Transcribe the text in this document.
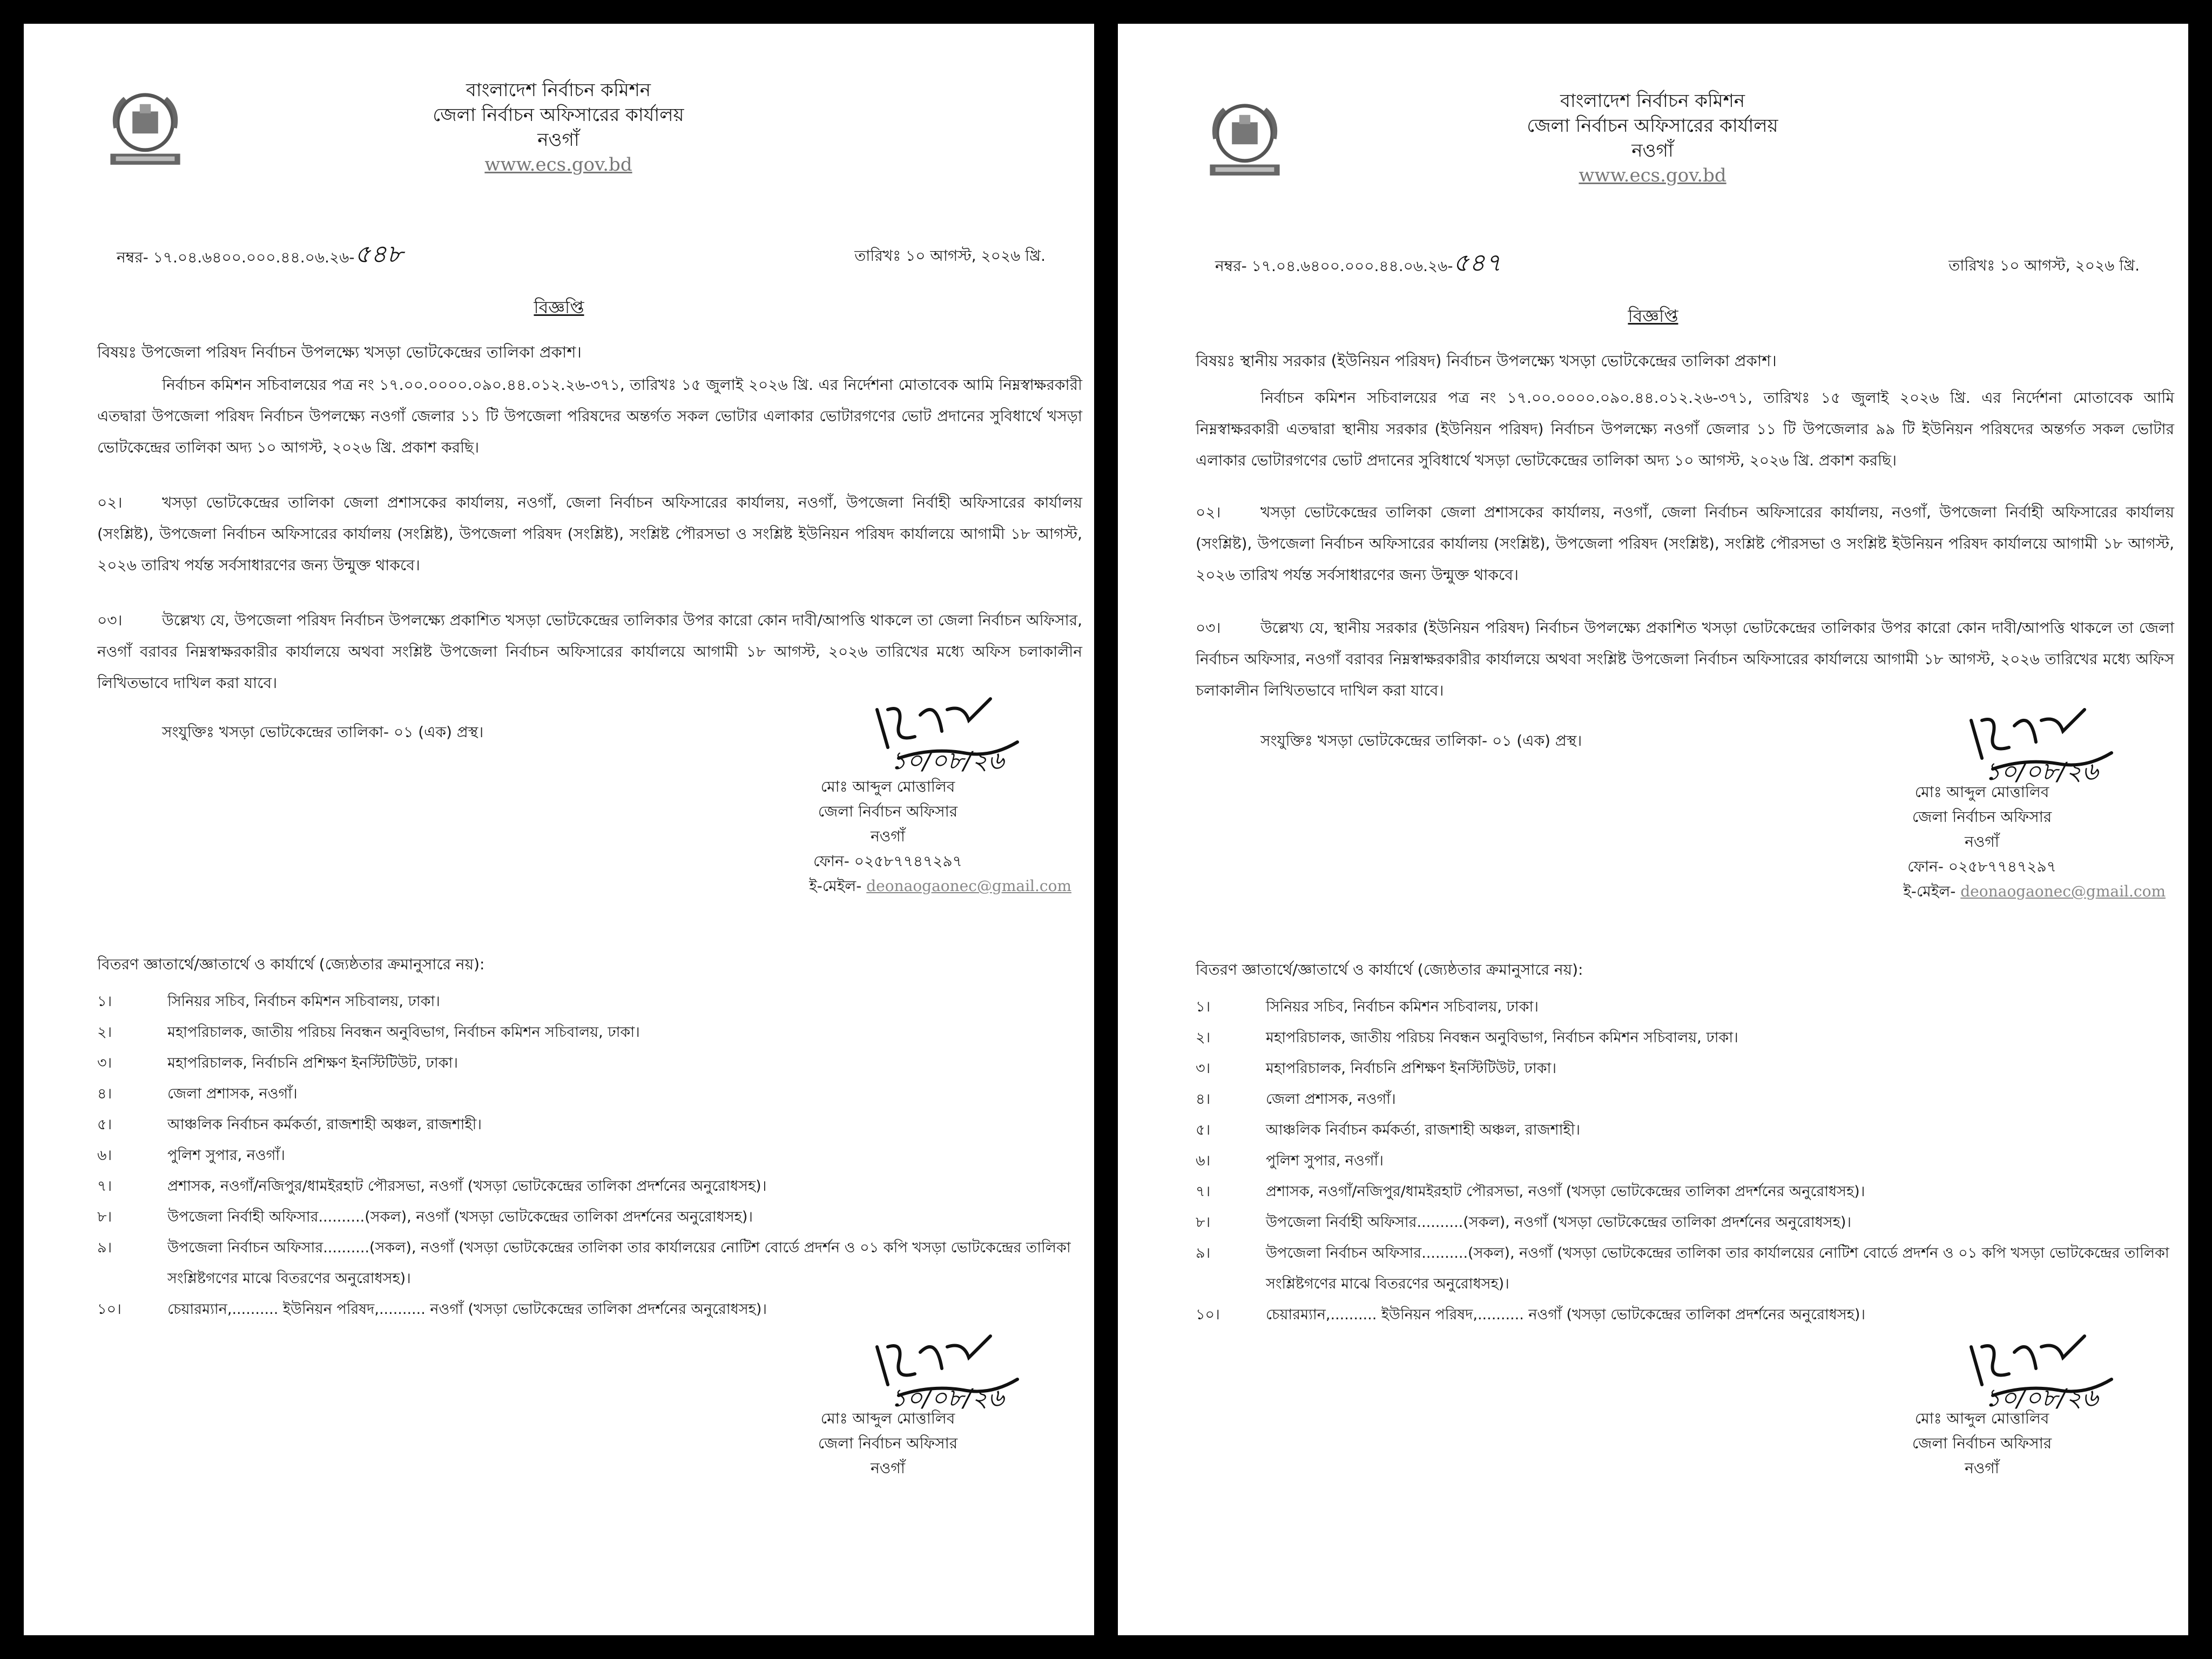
বাংলাদেশ নির্বাচন কমিশন
জেলা নির্বাচন অফিসারের কার্যালয়
নওগাঁ
www.ecs.gov.bd
নম্বর- ১৭.০৪.৬৪০০.০০০.৪৪.০৬.২৬-৫৪৮	তারিখঃ ১০ আগস্ট, ২০২৬ খ্রি.
বিজ্ঞপ্তি
বিষয়ঃ উপজেলা পরিষদ নির্বাচন উপলক্ষ্যে খসড়া ভোটকেন্দ্রের তালিকা প্রকাশ।
নির্বাচন কমিশন সচিবালয়ের পত্র নং ১৭.০০.০০০০.০৯০.৪৪.০১২.২৬-৩৭১, তারিখঃ ১৫ জুলাই ২০২৬ খ্রি. এর নির্দেশনা মোতাবেক আমি নিম্নস্বাক্ষরকারী এতদ্বারা উপজেলা পরিষদ নির্বাচন উপলক্ষ্যে নওগাঁ জেলার ১১ টি উপজেলা পরিষদের অন্তর্গত সকল ভোটার এলাকার ভোটারগণের ভোট প্রদানের সুবিধার্থে খসড়া ভোটকেন্দ্রের তালিকা অদ্য ১০ আগস্ট, ২০২৬ খ্রি. প্রকাশ করছি।
০২।	খসড়া ভোটকেন্দ্রের তালিকা জেলা প্রশাসকের কার্যালয়, নওগাঁ, জেলা নির্বাচন অফিসারের কার্যালয়, নওগাঁ, উপজেলা নির্বাহী অফিসারের কার্যালয় (সংশ্লিষ্ট), উপজেলা নির্বাচন অফিসারের কার্যালয় (সংশ্লিষ্ট), উপজেলা পরিষদ (সংশ্লিষ্ট), সংশ্লিষ্ট পৌরসভা ও সংশ্লিষ্ট ইউনিয়ন পরিষদ কার্যালয়ে আগামী ১৮ আগস্ট, ২০২৬ তারিখ পর্যন্ত সর্বসাধারণের জন্য উন্মুক্ত থাকবে।
০৩।	উল্লেখ্য যে, উপজেলা পরিষদ নির্বাচন উপলক্ষ্যে প্রকাশিত খসড়া ভোটকেন্দ্রের তালিকার উপর কারো কোন দাবী/আপত্তি থাকলে তা জেলা নির্বাচন অফিসার, নওগাঁ বরাবর নিম্নস্বাক্ষরকারীর কার্যালয়ে অথবা সংশ্লিষ্ট উপজেলা নির্বাচন অফিসারের কার্যালয়ে আগামী ১৮ আগস্ট, ২০২৬ তারিখের মধ্যে অফিস চলাকালীন লিখিতভাবে দাখিল করা যাবে।
সংযুক্তিঃ খসড়া ভোটকেন্দ্রের তালিকা- ০১ (এক) প্রস্থ।
১০/০৮/২৬
মোঃ আব্দুল মোত্তালিব
জেলা নির্বাচন অফিসার
নওগাঁ
ফোন- ০২৫৮৭৭৪৭২৯৭
ই-মেইল- deonaogaonec@gmail.com
বিতরণ জ্ঞাতার্থে/জ্ঞাতার্থে ও কার্যার্থে (জ্যেষ্ঠতার ক্রমানুসারে নয়):
১।	সিনিয়র সচিব, নির্বাচন কমিশন সচিবালয়, ঢাকা।
২।	মহাপরিচালক, জাতীয় পরিচয় নিবন্ধন অনুবিভাগ, নির্বাচন কমিশন সচিবালয়, ঢাকা।
৩।	মহাপরিচালক, নির্বাচনি প্রশিক্ষণ ইনস্টিটিউট, ঢাকা।
৪।	জেলা প্রশাসক, নওগাঁ।
৫।	আঞ্চলিক নির্বাচন কর্মকর্তা, রাজশাহী অঞ্চল, রাজশাহী।
৬।	পুলিশ সুপার, নওগাঁ।
৭।	প্রশাসক, নওগাঁ/নজিপুর/ধামইরহাট পৌরসভা, নওগাঁ (খসড়া ভোটকেন্দ্রের তালিকা প্রদর্শনের অনুরোধসহ)।
৮।	উপজেলা নির্বাহী অফিসার..........(সকল), নওগাঁ (খসড়া ভোটকেন্দ্রের তালিকা প্রদর্শনের অনুরোধসহ)।
৯।	উপজেলা নির্বাচন অফিসার..........(সকল), নওগাঁ (খসড়া ভোটকেন্দ্রের তালিকা তার কার্যালয়ের নোটিশ বোর্ডে প্রদর্শন ও ০১ কপি খসড়া ভোটকেন্দ্রের তালিকা সংশ্লিষ্টগণের মাঝে বিতরণের অনুরোধসহ)।
১০।	চেয়ারম্যান,.......... ইউনিয়ন পরিষদ,.......... নওগাঁ (খসড়া ভোটকেন্দ্রের তালিকা প্রদর্শনের অনুরোধসহ)।
১০/০৮/২৬
মোঃ আব্দুল মোত্তালিব
জেলা নির্বাচন অফিসার
নওগাঁ
বাংলাদেশ নির্বাচন কমিশন
জেলা নির্বাচন অফিসারের কার্যালয়
নওগাঁ
www.ecs.gov.bd
নম্বর- ১৭.০৪.৬৪০০.০০০.৪৪.০৬.২৬-৫৪৭	তারিখঃ ১০ আগস্ট, ২০২৬ খ্রি.
বিজ্ঞপ্তি
বিষয়ঃ স্থানীয় সরকার (ইউনিয়ন পরিষদ) নির্বাচন উপলক্ষ্যে খসড়া ভোটকেন্দ্রের তালিকা প্রকাশ।
নির্বাচন কমিশন সচিবালয়ের পত্র নং ১৭.০০.০০০০.০৯০.৪৪.০১২.২৬-৩৭১, তারিখঃ ১৫ জুলাই ২০২৬ খ্রি. এর নির্দেশনা মোতাবেক আমি নিম্নস্বাক্ষরকারী এতদ্বারা স্থানীয় সরকার (ইউনিয়ন পরিষদ) নির্বাচন উপলক্ষ্যে নওগাঁ জেলার ১১ টি উপজেলার ৯৯ টি ইউনিয়ন পরিষদের অন্তর্গত সকল ভোটার এলাকার ভোটারগণের ভোট প্রদানের সুবিধার্থে খসড়া ভোটকেন্দ্রের তালিকা অদ্য ১০ আগস্ট, ২০২৬ খ্রি. প্রকাশ করছি।
০২।	খসড়া ভোটকেন্দ্রের তালিকা জেলা প্রশাসকের কার্যালয়, নওগাঁ, জেলা নির্বাচন অফিসারের কার্যালয়, নওগাঁ, উপজেলা নির্বাহী অফিসারের কার্যালয় (সংশ্লিষ্ট), উপজেলা নির্বাচন অফিসারের কার্যালয় (সংশ্লিষ্ট), উপজেলা পরিষদ (সংশ্লিষ্ট), সংশ্লিষ্ট পৌরসভা ও সংশ্লিষ্ট ইউনিয়ন পরিষদ কার্যালয়ে আগামী ১৮ আগস্ট, ২০২৬ তারিখ পর্যন্ত সর্বসাধারণের জন্য উন্মুক্ত থাকবে।
০৩।	উল্লেখ্য যে, স্থানীয় সরকার (ইউনিয়ন পরিষদ) নির্বাচন উপলক্ষ্যে প্রকাশিত খসড়া ভোটকেন্দ্রের তালিকার উপর কারো কোন দাবী/আপত্তি থাকলে তা জেলা নির্বাচন অফিসার, নওগাঁ বরাবর নিম্নস্বাক্ষরকারীর কার্যালয়ে অথবা সংশ্লিষ্ট উপজেলা নির্বাচন অফিসারের কার্যালয়ে আগামী ১৮ আগস্ট, ২০২৬ তারিখের মধ্যে অফিস চলাকালীন লিখিতভাবে দাখিল করা যাবে।
সংযুক্তিঃ খসড়া ভোটকেন্দ্রের তালিকা- ০১ (এক) প্রস্থ।
১০/০৮/২৬
মোঃ আব্দুল মোত্তালিব
জেলা নির্বাচন অফিসার
নওগাঁ
ফোন- ০২৫৮৭৭৪৭২৯৭
ই-মেইল- deonaogaonec@gmail.com
বিতরণ জ্ঞাতার্থে/জ্ঞাতার্থে ও কার্যার্থে (জ্যেষ্ঠতার ক্রমানুসারে নয়):
১।	সিনিয়র সচিব, নির্বাচন কমিশন সচিবালয়, ঢাকা।
২।	মহাপরিচালক, জাতীয় পরিচয় নিবন্ধন অনুবিভাগ, নির্বাচন কমিশন সচিবালয়, ঢাকা।
৩।	মহাপরিচালক, নির্বাচনি প্রশিক্ষণ ইনস্টিটিউট, ঢাকা।
৪।	জেলা প্রশাসক, নওগাঁ।
৫।	আঞ্চলিক নির্বাচন কর্মকর্তা, রাজশাহী অঞ্চল, রাজশাহী।
৬।	পুলিশ সুপার, নওগাঁ।
৭।	প্রশাসক, নওগাঁ/নজিপুর/ধামইরহাট পৌরসভা, নওগাঁ (খসড়া ভোটকেন্দ্রের তালিকা প্রদর্শনের অনুরোধসহ)।
৮।	উপজেলা নির্বাহী অফিসার..........(সকল), নওগাঁ (খসড়া ভোটকেন্দ্রের তালিকা প্রদর্শনের অনুরোধসহ)।
৯।	উপজেলা নির্বাচন অফিসার..........(সকল), নওগাঁ (খসড়া ভোটকেন্দ্রের তালিকা তার কার্যালয়ের নোটিশ বোর্ডে প্রদর্শন ও ০১ কপি খসড়া ভোটকেন্দ্রের তালিকা সংশ্লিষ্টগণের মাঝে বিতরণের অনুরোধসহ)।
১০।	চেয়ারম্যান,.......... ইউনিয়ন পরিষদ,.......... নওগাঁ (খসড়া ভোটকেন্দ্রের তালিকা প্রদর্শনের অনুরোধসহ)।
১০/০৮/২৬
মোঃ আব্দুল মোত্তালিব
জেলা নির্বাচন অফিসার
নওগাঁ
